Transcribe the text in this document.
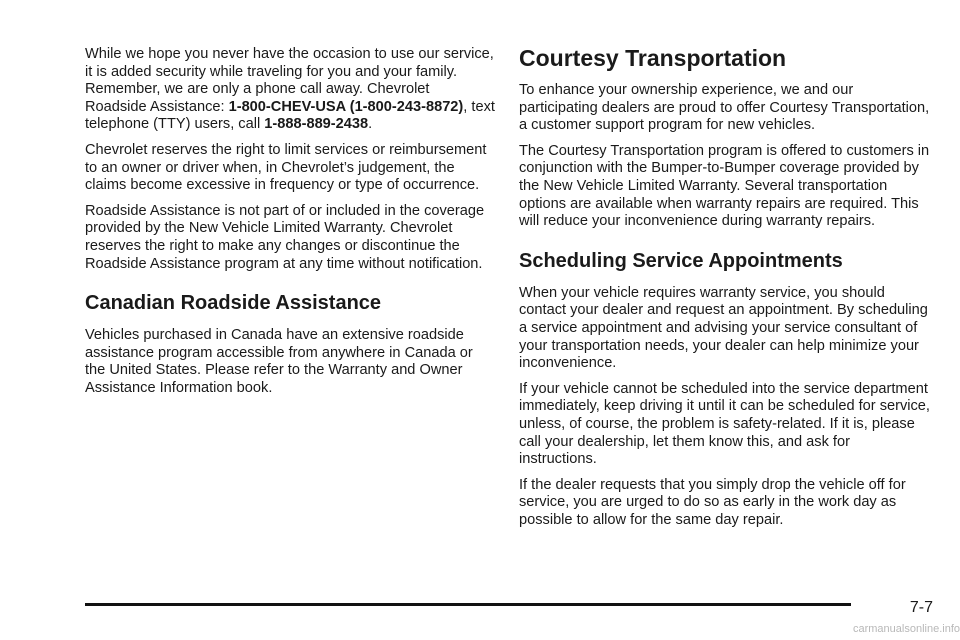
While we hope you never have the occasion to use our service, it is added security while traveling for you and your family. Remember, we are only a phone call away. Chevrolet Roadside Assistance: 1-800-CHEV-USA (1-800-243-8872), text telephone (TTY) users, call 1-888-889-2438.

Chevrolet reserves the right to limit services or reimbursement to an owner or driver when, in Chevrolet’s judgement, the claims become excessive in frequency or type of occurrence.

Roadside Assistance is not part of or included in the coverage provided by the New Vehicle Limited Warranty. Chevrolet reserves the right to make any changes or discontinue the Roadside Assistance program at any time without notification.

Canadian Roadside Assistance

Vehicles purchased in Canada have an extensive roadside assistance program accessible from anywhere in Canada or the United States. Please refer to the Warranty and Owner Assistance Information book.

Courtesy Transportation

To enhance your ownership experience, we and our participating dealers are proud to offer Courtesy Transportation, a customer support program for new vehicles.

The Courtesy Transportation program is offered to customers in conjunction with the Bumper-to-Bumper coverage provided by the New Vehicle Limited Warranty. Several transportation options are available when warranty repairs are required. This will reduce your inconvenience during warranty repairs.

Scheduling Service Appointments

When your vehicle requires warranty service, you should contact your dealer and request an appointment. By scheduling a service appointment and advising your service consultant of your transportation needs, your dealer can help minimize your inconvenience.

If your vehicle cannot be scheduled into the service department immediately, keep driving it until it can be scheduled for service, unless, of course, the problem is safety-related. If it is, please call your dealership, let them know this, and ask for instructions.

If the dealer requests that you simply drop the vehicle off for service, you are urged to do so as early in the work day as possible to allow for the same day repair.

7-7
carmanualsonline.info
